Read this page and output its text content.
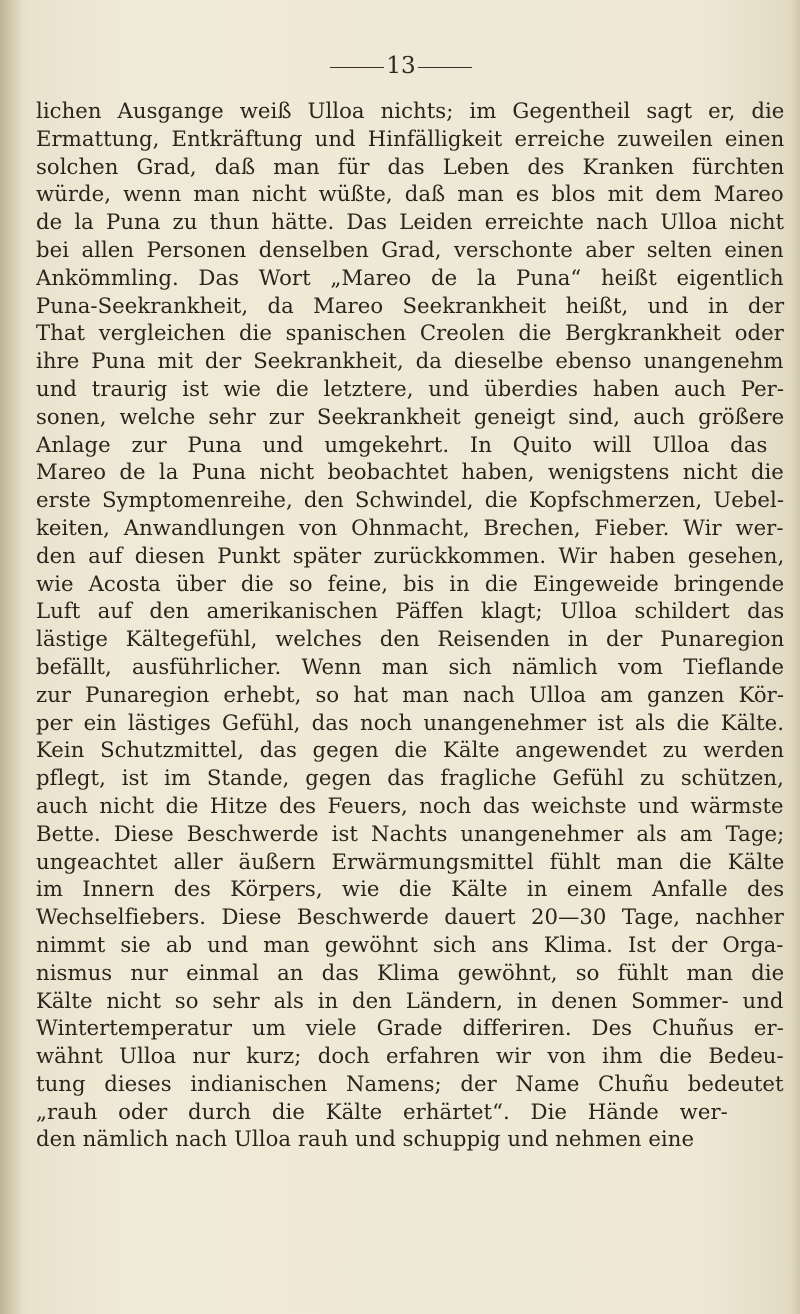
13
lichen Ausgange weiß Ulloa nichts; im Gegentheil sagt er, die
Ermattung, Entkräftung und Hinfälligkeit erreiche zuweilen einen
solchen Grad, daß man für das Leben des Kranken fürchten
würde, wenn man nicht wüßte, daß man es blos mit dem Mareo
de la Puna zu thun hätte. Das Leiden erreichte nach Ulloa nicht
bei allen Personen denselben Grad, verschonte aber selten einen
Ankömmling. Das Wort „Mareo de la Puna“ heißt eigentlich
Puna-Seekrankheit, da Mareo Seekrankheit heißt, und in der
That vergleichen die spanischen Creolen die Bergkrankheit oder
ihre Puna mit der Seekrankheit, da dieselbe ebenso unangenehm
und traurig ist wie die letztere, und überdies haben auch Per-
sonen, welche sehr zur Seekrankheit geneigt sind, auch größere
Anlage zur Puna und umgekehrt. In Quito will Ulloa das
Mareo de la Puna nicht beobachtet haben, wenigstens nicht die
erste Symptomenreihe, den Schwindel, die Kopfschmerzen, Uebel-
keiten, Anwandlungen von Ohnmacht, Brechen, Fieber. Wir wer-
den auf diesen Punkt später zurückkommen. Wir haben gesehen,
wie Acosta über die so feine, bis in die Eingeweide bringende
Luft auf den amerikanischen Päffen klagt; Ulloa schildert das
lästige Kältegefühl, welches den Reisenden in der Punaregion
befällt, ausführlicher. Wenn man sich nämlich vom Tieflande
zur Punaregion erhebt, so hat man nach Ulloa am ganzen Kör-
per ein lästiges Gefühl, das noch unangenehmer ist als die Kälte.
Kein Schutzmittel, das gegen die Kälte angewendet zu werden
pflegt, ist im Stande, gegen das fragliche Gefühl zu schützen,
auch nicht die Hitze des Feuers, noch das weichste und wärmste
Bette. Diese Beschwerde ist Nachts unangenehmer als am Tage;
ungeachtet aller äußern Erwärmungsmittel fühlt man die Kälte
im Innern des Körpers, wie die Kälte in einem Anfalle des
Wechselfiebers. Diese Beschwerde dauert 20—30 Tage, nachher
nimmt sie ab und man gewöhnt sich ans Klima. Ist der Orga-
nismus nur einmal an das Klima gewöhnt, so fühlt man die
Kälte nicht so sehr als in den Ländern, in denen Sommer- und
Wintertemperatur um viele Grade differiren. Des Chuñus er-
wähnt Ulloa nur kurz; doch erfahren wir von ihm die Bedeu-
tung dieses indianischen Namens; der Name Chuñu bedeutet
„rauh oder durch die Kälte erhärtet“. Die Hände wer-
den nämlich nach Ulloa rauh und schuppig und nehmen eine
